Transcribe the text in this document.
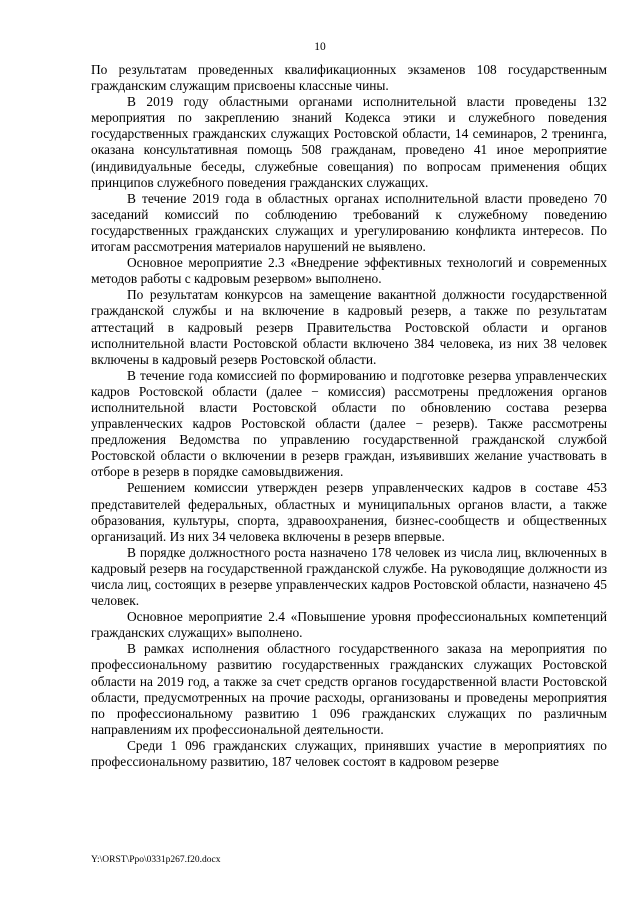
10

По результатам проведенных квалификационных экзаменов 108 государственным гражданским служащим присвоены классные чины.

В 2019 году областными органами исполнительной власти проведены 132 мероприятия по закреплению знаний Кодекса этики и служебного поведения государственных гражданских служащих Ростовской области, 14 семинаров, 2 тренинга, оказана консультативная помощь 508 гражданам, проведено 41 иное мероприятие (индивидуальные беседы, служебные совещания) по вопросам применения общих принципов служебного поведения гражданских служащих.

В течение 2019 года в областных органах исполнительной власти проведено 70 заседаний комиссий по соблюдению требований к служебному поведению государственных гражданских служащих и урегулированию конфликта интересов. По итогам рассмотрения материалов нарушений не выявлено.

Основное мероприятие 2.3 «Внедрение эффективных технологий и современных методов работы с кадровым резервом» выполнено.

По результатам конкурсов на замещение вакантной должности государственной гражданской службы и на включение в кадровый резерв, а также по результатам аттестаций в кадровый резерв Правительства Ростовской области и органов исполнительной власти Ростовской области включено 384 человека, из них 38 человек включены в кадровый резерв Ростовской области.

В течение года комиссией по формированию и подготовке резерва управленческих кадров Ростовской области (далее − комиссия) рассмотрены предложения органов исполнительной власти Ростовской области по обновлению состава резерва управленческих кадров Ростовской области (далее − резерв). Также рассмотрены предложения Ведомства по управлению государственной гражданской службой Ростовской области о включении в резерв граждан, изъявивших желание участвовать в отборе в резерв в порядке самовыдвижения.

Решением комиссии утвержден резерв управленческих кадров в составе 453 представителей федеральных, областных и муниципальных органов власти, а также образования, культуры, спорта, здравоохранения, бизнес-сообществ и общественных организаций. Из них 34 человека включены в резерв впервые.

В порядке должностного роста назначено 178 человек из числа лиц, включенных в кадровый резерв на государственной гражданской службе. На руководящие должности из числа лиц, состоящих в резерве управленческих кадров Ростовской области, назначено 45 человек.

Основное мероприятие 2.4 «Повышение уровня профессиональных компетенций гражданских служащих» выполнено.

В рамках исполнения областного государственного заказа на мероприятия по профессиональному развитию государственных гражданских служащих Ростовской области на 2019 год, а также за счет средств органов государственной власти Ростовской области, предусмотренных на прочие расходы, организованы и проведены мероприятия по профессиональному развитию 1 096 гражданских служащих по различным направлениям их профессиональной деятельности.

Среди 1 096 гражданских служащих, принявших участие в мероприятиях по профессиональному развитию, 187 человек состоят в кадровом резерве

Y:\ORST\Ppo\0331p267.f20.docx
